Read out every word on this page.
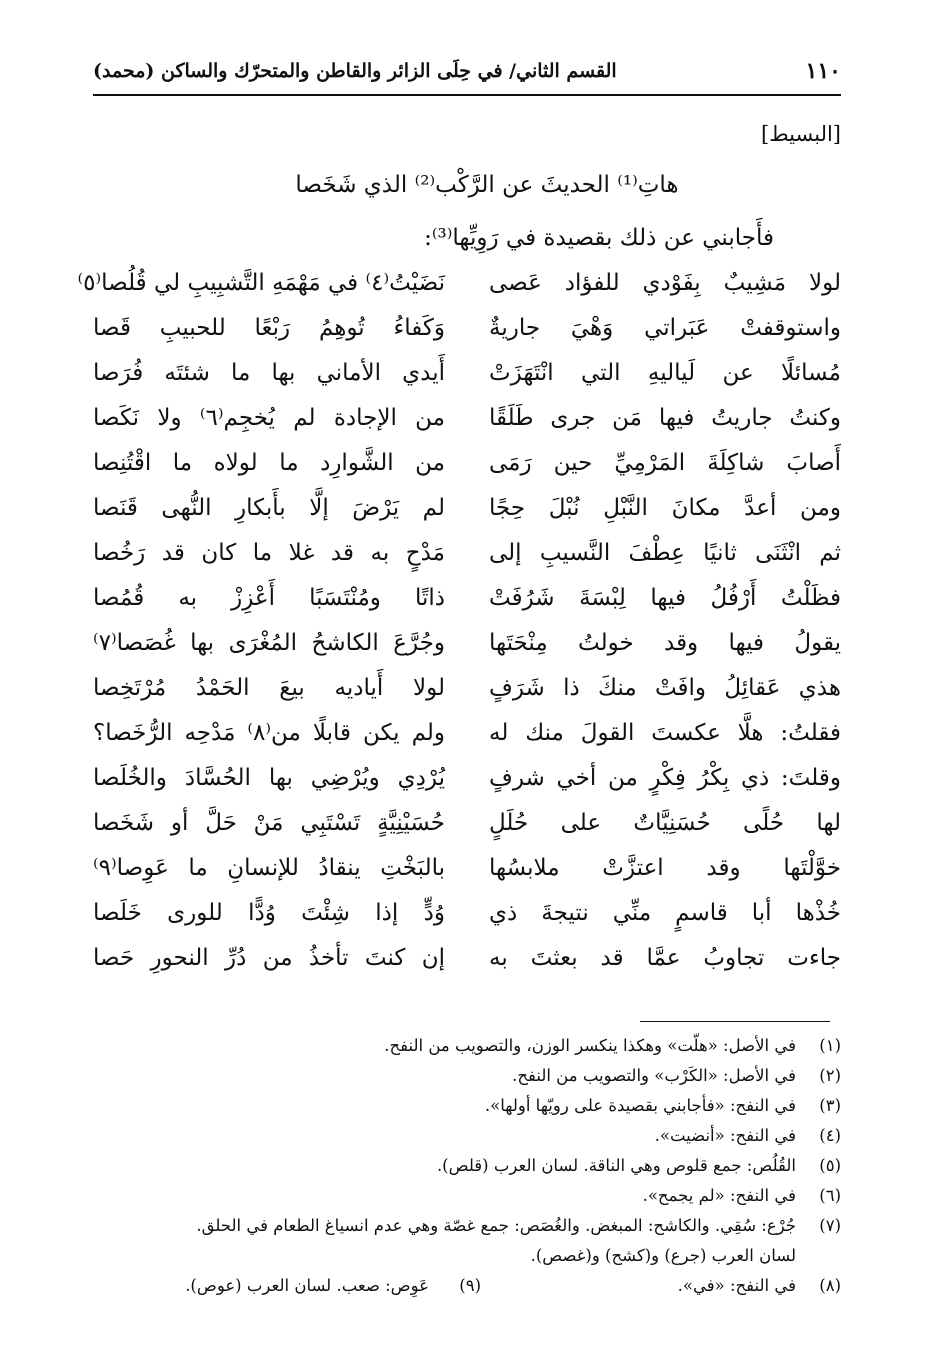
١١٠
القسم الثاني/ في حِلَى الزائر والقاطن والمتحرّك والساكن (محمد)
[البسيط]
هاتِ⁽¹⁾ الحديثَ عن الرَّكْب⁽²⁾ الذي شَخَصا
فأَجابني عن ذلك بقصيدة في رَوِيِّها⁽³⁾:
لولا مَشِيبٌ بِفَوْدي للفؤاد عَصى
نَضَيْتُ⁽٤⁾ في مَهْمَهِ التَّشبِيبِ لي قُلُصا⁽٥⁾
واستوقفتْ عَبَراتي وَهْيَ جاريةٌ
وَكَفاءُ تُوهِمُ رَبْعًا للحبيبِ قَصا
مُسائلًا عن لَياليهِ التي انْتَهَزَتْ
أَيدي الأماني بها ما شئتَه فُرَصا
وكنتُ جاريتُ فيها مَن جرى طَلَقًا
من الإجادة لم يُخجِم⁽٦⁾ ولا نَكَصا
أَصابَ شاكِلَةَ المَرْمِيِّ حين رَمَى
من الشَّوارِد ما لولاه ما اقْتُنِصا
ومن أعدَّ مكانَ النَّبْلِ نُبْلَ حِجًا
لم يَرْضَ إلَّا بأَبكارِ النُّهى قَنَصا
ثم انْثَنَى ثانيًا عِطْفَ النَّسيبِ إلى
مَدْحٍ به قد غلا ما كان قد رَخُصا
فظَلْتُ أَرْفُلُ فيها لِبْسَةَ شَرُفَتْ
ذاتًا ومُنْتَسَبًا أَعْزِزْ به قُمُصا
يقولُ فيها وقد خولتُ مِنْحَتَها
وجُرَّعَ الكاشحُ المُغْرَى بها غُصَصا⁽٧⁾
هذي عَقائِلُ وافَتْ منكَ ذا شَرَفٍ
لولا أَياديه بيعَ الحَمْدُ مُرْتَخِصا
فقلتُ: هلَّا عكستَ القولَ منك له
ولم يكن قابلًا من⁽٨⁾ مَدْحِه الرُّخَصا؟
وقلتَ: ذي بِكْرُ فِكْرٍ من أخي شرفٍ
يُرْدِي ويُرْضِي بها الحُسَّادَ والخُلَصا
لها حُلًى حُسَنِيَّاتٌ على حُلَلٍ
حُسَيْنِيَّةٍ تَسْتَبِي مَنْ حَلَّ أو شَخَصا
خوَّلْتَها وقد اعتزَّتْ ملابسُها
بالبَخْتِ ينقادُ للإنسانِ ما عَوِصا⁽٩⁾
خُذْها أبا قاسمٍ منِّي نتيجةَ ذي
وُدٍّ إذا شِئْتَ وُدًّا للورى خَلَصا
جاءت تجاوبُ عمَّا قد بعثتَ به
إن كنتَ تأخذُ من دُرِّ النحورِ حَصا
(١)
في الأصل: «هلّت» وهكذا ينكسر الوزن، والتصويب من النفح.
(٢)
في الأصل: «الكَرْب» والتصويب من النفح.
(٣)
في النفح: «فأجابني بقصيدة على رويّها أولها».
(٤)
في النفح: «أنضيت».
(٥)
القُلُص: جمع قلوص وهي الناقة. لسان العرب (قلص).
(٦)
في النفح: «لم يجمح».
(٧)
جُرْع: سُقِي. والكاشح: المبغض. والغُصَص: جمع غصّة وهي عدم انسياغ الطعام في الحلق.
لسان العرب (جرع) و(كشح) و(غصص).
(٨)
في النفح: «في».
(٩)
عَوِص: صعب. لسان العرب (عوص).
